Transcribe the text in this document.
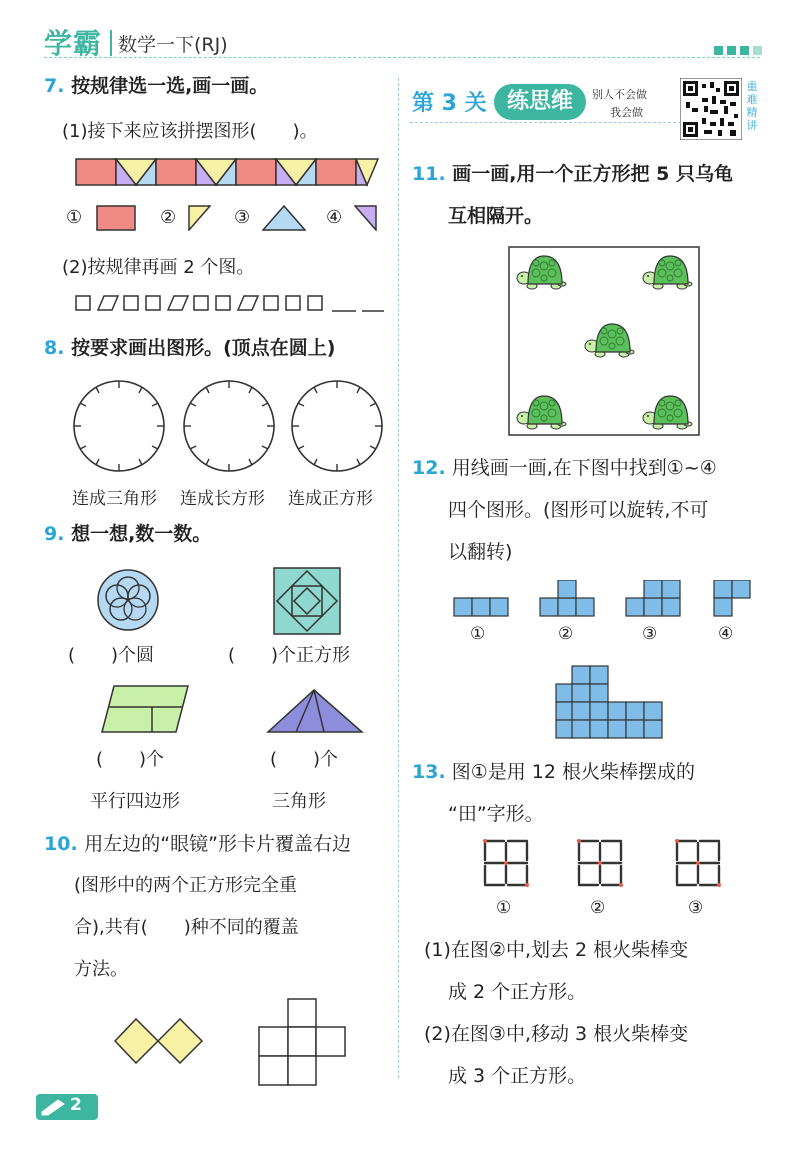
学霸 数学一下(RJ)
7. 按规律选一选,画一画。
(1)接下来应该拼摆图形(　　)。
①	②	③	④
(2)按规律再画 2 个图。
8. 按要求画出图形。(顶点在圆上)
连成三角形 连成长方形 连成正方形
9. 想一想,数一数。
(　　)个圆	(　　)个正方形
(　　)个	(　　)个
平行四边形	三角形
10. 用左边的“眼镜”形卡片覆盖右边
(图形中的两个正方形完全重
合),共有(　　)种不同的覆盖
方法。
第 3 关 练思维	别人不会做
我会做
重难精讲
11. 画一画,用一个正方形把 5 只乌龟
互相隔开。
12. 用线画一画,在下图中找到①~④
四个图形。(图形可以旋转,不可
以翻转)
①	②	③	④
13. 图①是用 12 根火柴棒摆成的
“田”字形。
①	②	③
(1)在图②中,划去 2 根火柴棒变
成 2 个正方形。
(2)在图③中,移动 3 根火柴棒变
成 3 个正方形。
2
